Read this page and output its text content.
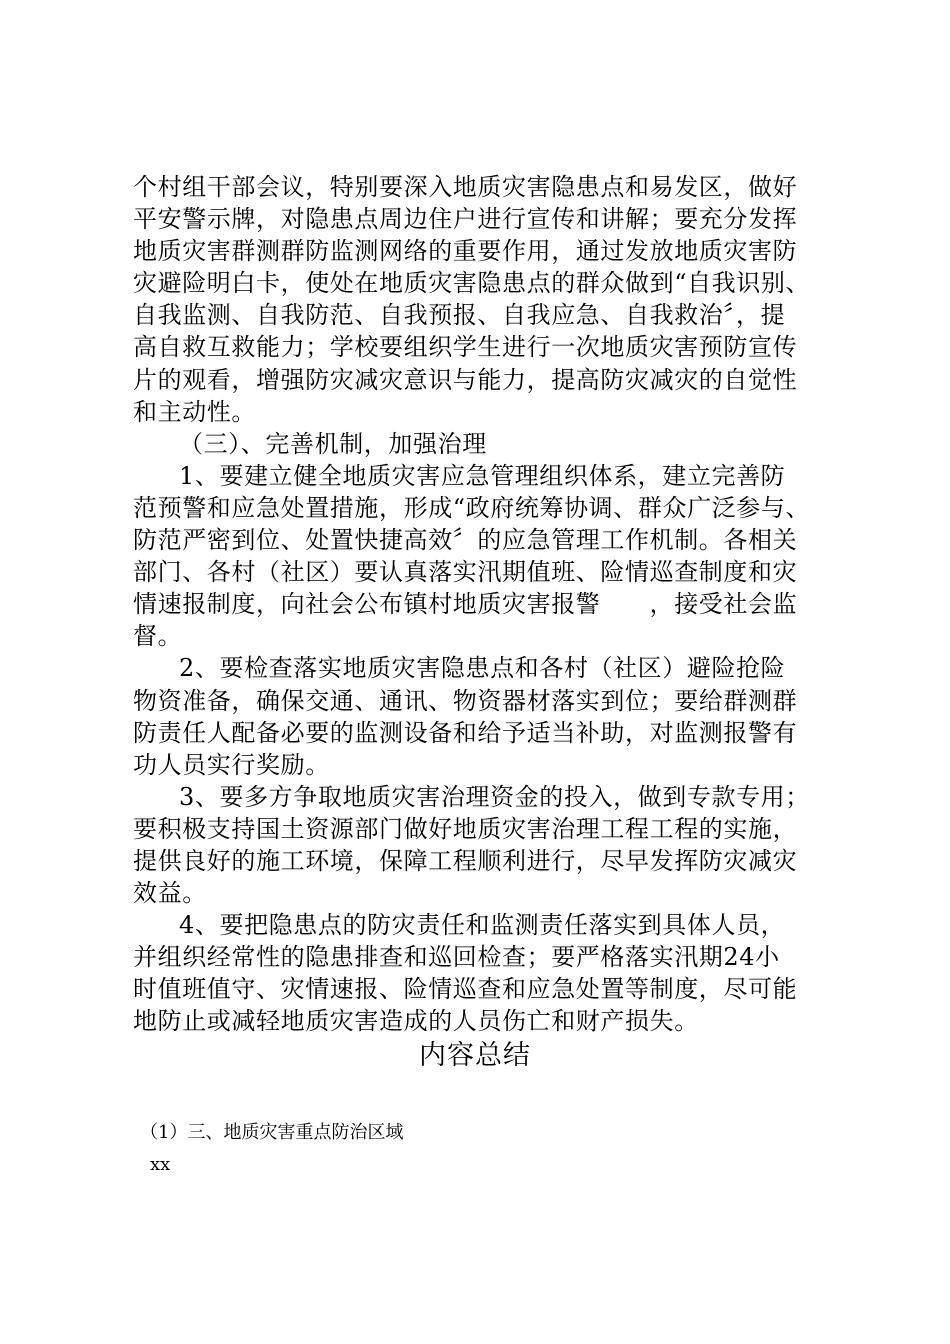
个村组干部会议，特别要深入地质灾害隐患点和易发区，做好
平安警示牌，对隐患点周边住户进行宣传和讲解；要充分发挥
地质灾害群测群防监测网络的重要作用，通过发放地质灾害防
灾避险明白卡，使处在地质灾害隐患点的群众做到“自我识别、
自我监测、自我防范、自我预报、自我应急、自我救治〞，提
高自救互救能力；学校要组织学生进行一次地质灾害预防宣传
片的观看，增强防灾减灾意识与能力，提高防灾减灾的自觉性
和主动性。
（三）、完善机制，加强治理
1、要建立健全地质灾害应急管理组织体系，建立完善防
范预警和应急处置措施，形成“政府统筹协调、群众广泛参与、
防范严密到位、处置快捷高效〞的应急管理工作机制。各相关
部门、各村（社区）要认真落实汛期值班、险情巡查制度和灾
情速报制度，向社会公布镇村地质灾害报警　　，接受社会监
督。
2、要检查落实地质灾害隐患点和各村（社区）避险抢险
物资准备，确保交通、通讯、物资器材落实到位；要给群测群
防责任人配备必要的监测设备和给予适当补助，对监测报警有
功人员实行奖励。
3、要多方争取地质灾害治理资金的投入，做到专款专用；
要积极支持国土资源部门做好地质灾害治理工程工程的实施，
提供良好的施工环境，保障工程顺利进行，尽早发挥防灾减灾
效益。
4、要把隐患点的防灾责任和监测责任落实到具体人员，
并组织经常性的隐患排查和巡回检查；要严格落实汛期24小
时值班值守、灾情速报、险情巡查和应急处置等制度，尽可能
地防止或减轻地质灾害造成的人员伤亡和财产损失。
内容总结
（1）三、地质灾害重点防治区域
xx
